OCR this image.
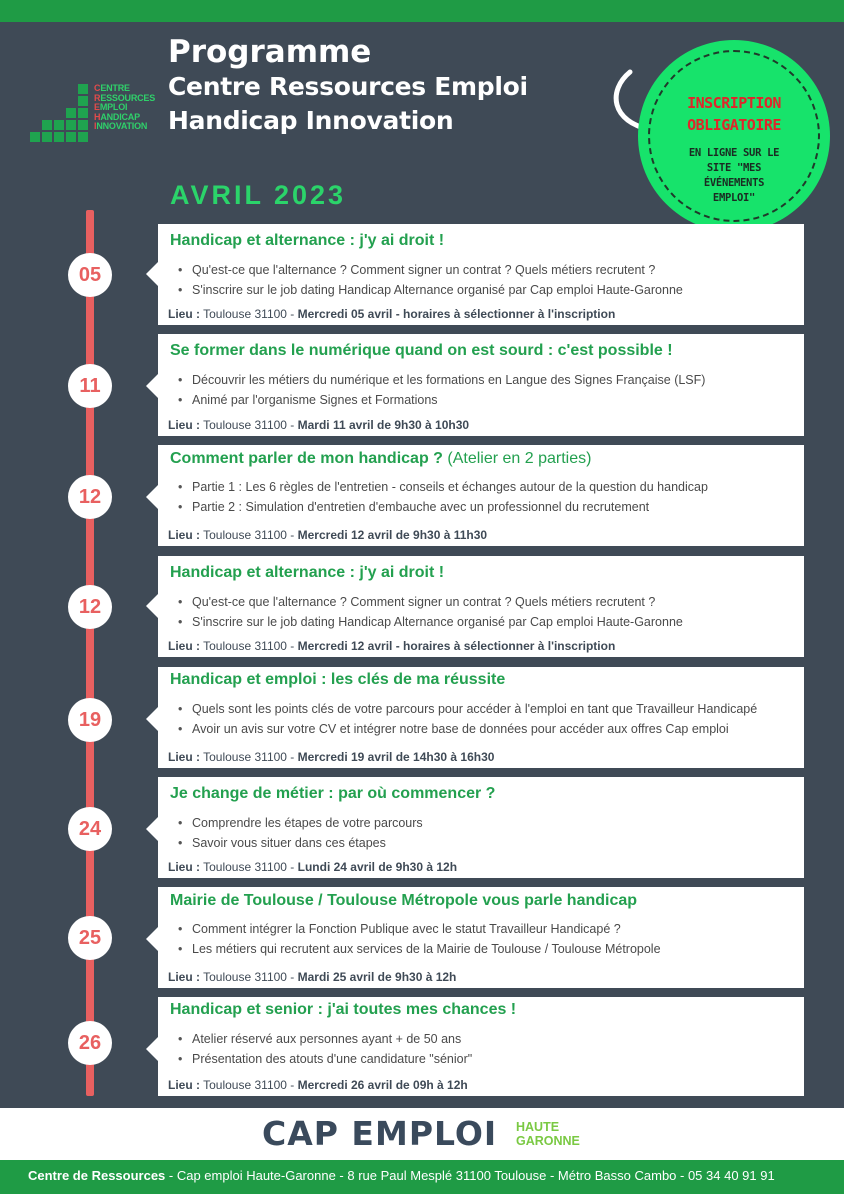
CENTRE
RESSOURCES
EMPLOI
HANDICAP
INNOVATION
Programme
Centre Ressources Emploi
Handicap Innovation
AVRIL 2023
INSCRIPTION
OBLIGATOIRE
EN LIGNE SUR LE
SITE "MES
ÉVÉNEMENTS
EMPLOI"
Handicap et alternance : j'y ai droit !
• Qu'est-ce que l'alternance ? Comment signer un contrat ? Quels métiers recrutent ?
• S'inscrire sur le job dating Handicap Alternance organisé par Cap emploi Haute-Garonne
Lieu : Toulouse 31100 - Mercredi 05 avril - horaires à sélectionner à l'inscription
05
Se former dans le numérique quand on est sourd : c'est possible !
• Découvrir les métiers du numérique et les formations en Langue des Signes Française (LSF)
• Animé par l'organisme Signes et Formations
Lieu : Toulouse 31100 - Mardi 11 avril de 9h30 à 10h30
11
Comment parler de mon handicap ? (Atelier en 2 parties)
• Partie 1 : Les 6 règles de l'entretien - conseils et échanges autour de la question du handicap
• Partie 2 : Simulation d'entretien d'embauche avec un professionnel du recrutement
Lieu : Toulouse 31100 - Mercredi 12 avril de 9h30 à 11h30
12
Handicap et alternance : j'y ai droit !
• Qu'est-ce que l'alternance ? Comment signer un contrat ? Quels métiers recrutent ?
• S'inscrire sur le job dating Handicap Alternance organisé par Cap emploi Haute-Garonne
Lieu : Toulouse 31100 - Mercredi 12 avril - horaires à sélectionner à l'inscription
12
Handicap et emploi : les clés de ma réussite
• Quels sont les points clés de votre parcours pour accéder à l'emploi en tant que Travailleur Handicapé
• Avoir un avis sur votre CV et intégrer notre base de données pour accéder aux offres Cap emploi
Lieu : Toulouse 31100 - Mercredi 19 avril de 14h30 à 16h30
19
Je change de métier : par où commencer ?
• Comprendre les étapes de votre parcours
• Savoir vous situer dans ces étapes
Lieu : Toulouse 31100 - Lundi 24 avril de 9h30 à 12h
24
Mairie de Toulouse / Toulouse Métropole vous parle handicap
• Comment intégrer la Fonction Publique avec le statut Travailleur Handicapé ?
• Les métiers qui recrutent aux services de la Mairie de Toulouse / Toulouse Métropole
Lieu : Toulouse 31100 - Mardi 25 avril de 9h30 à 12h
25
Handicap et senior : j'ai toutes mes chances !
• Atelier réservé aux personnes ayant + de 50 ans
• Présentation des atouts d'une candidature "sénior"
Lieu : Toulouse 31100 - Mercredi 26 avril de 09h à 12h
26
CAP EMPLOI HAUTE
GARONNE
Centre de Ressources - Cap emploi Haute-Garonne - 8 rue Paul Mesplé 31100 Toulouse - Métro Basso Cambo - 05 34 40 91 91
